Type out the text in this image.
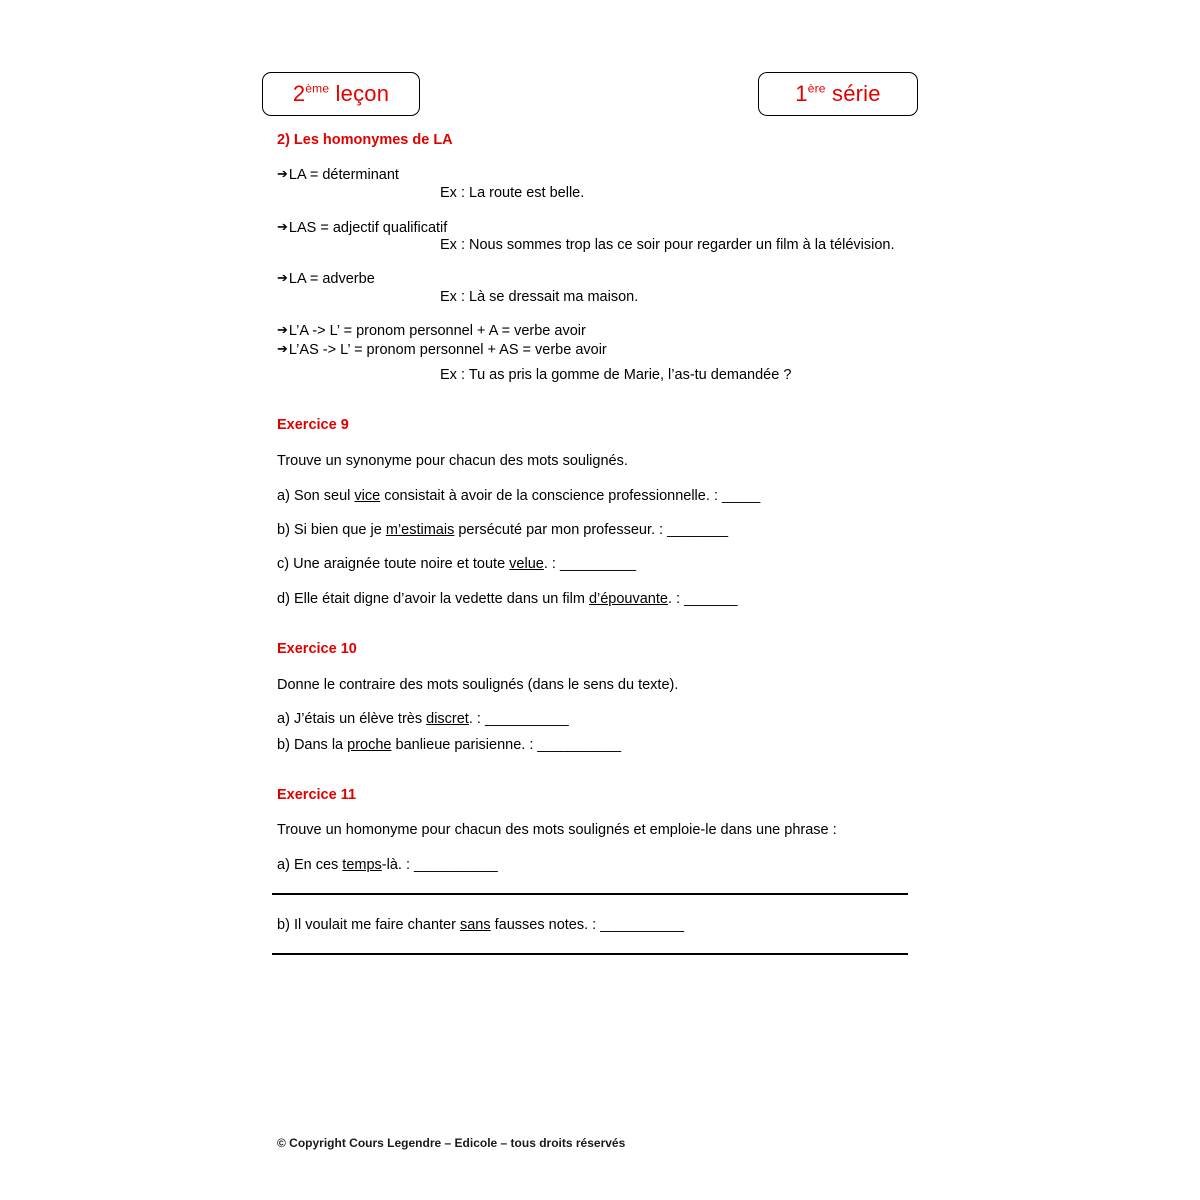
2ème leçon	1ère série
2) Les homonymes de LA
➔LA = déterminant
Ex : La route est belle.
➔LAS = adjectif qualificatif
Ex : Nous sommes trop las ce soir pour regarder un film à la télévision.
➔LA = adverbe
Ex : Là se dressait ma maison.
➔L’A -> L’ = pronom personnel + A = verbe avoir
➔L’AS -> L’ = pronom personnel + AS = verbe avoir
Ex : Tu as pris la gomme de Marie, l’as-tu demandée ?
Exercice 9
Trouve un synonyme pour chacun des mots soulignés.
a) Son seul vice consistait à avoir de la conscience professionnelle. : _____
b) Si bien que je m’estimais persécuté par mon professeur. : ________
c) Une araignée toute noire et toute velue. : __________
d) Elle était digne d’avoir la vedette dans un film d’épouvante. : _______
Exercice 10
Donne le contraire des mots soulignés (dans le sens du texte).
a) J’étais un élève très discret. : ___________
b) Dans la proche banlieue parisienne. : ___________
Exercice 11
Trouve un homonyme pour chacun des mots soulignés et emploie-le dans une phrase :
a) En ces temps-là. : ___________
b) Il voulait me faire chanter sans fausses notes. : ___________
© Copyright Cours Legendre – Edicole – tous droits réservés
